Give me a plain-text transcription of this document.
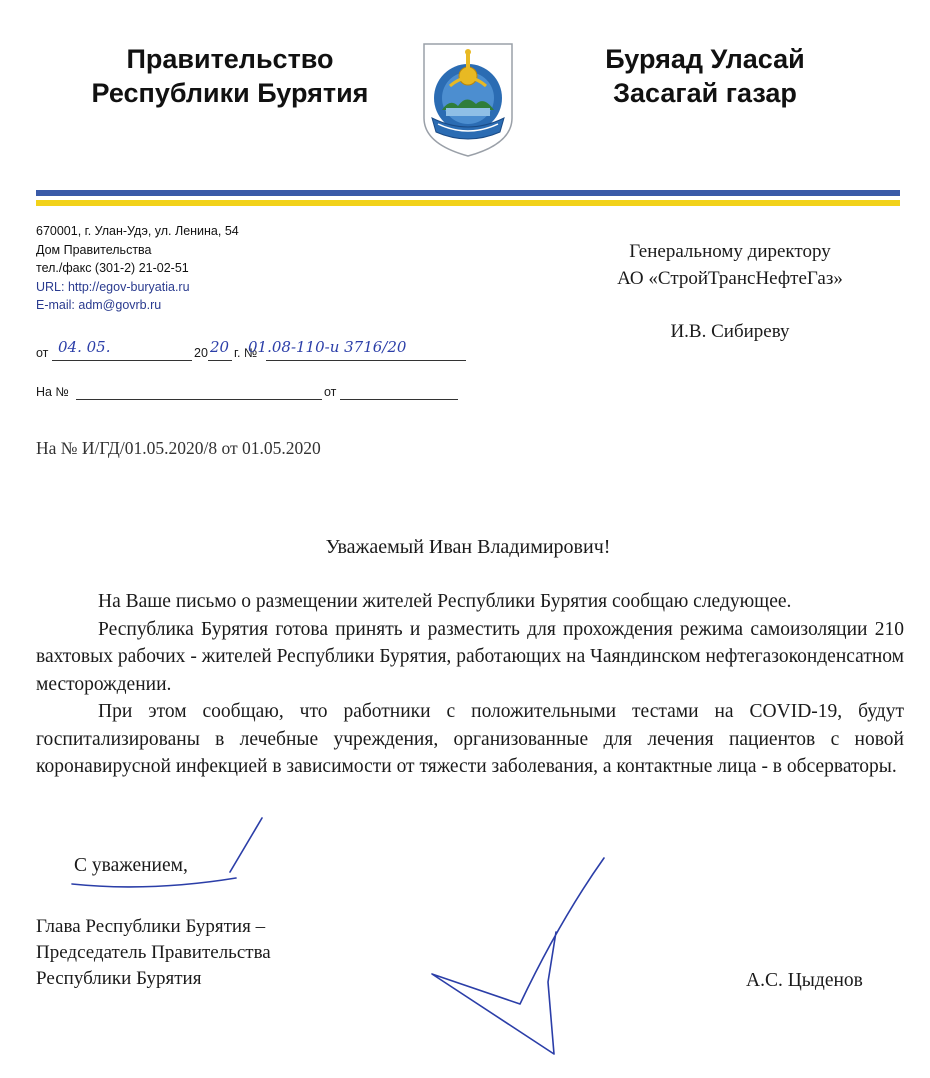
Правительство
Республики Бурятия
Буряад Уласай
Засагай газар
670001, г. Улан-Удэ, ул. Ленина, 54
Дом Правительства
тел./факс (301-2) 21-02-51
URL: http://egov-buryatia.ru
E-mail: adm@govrb.ru
от 04. 05.	20 20 г. №
01.08-110-и 3716/20
На №	от
На № И/ГД/01.05.2020/8 от 01.05.2020
Генеральному директору
АО «СтройТрансНефтеГаз»
И.В. Сибиреву
Уважаемый Иван Владимирович!

На Ваше письмо о размещении жителей Республики Бурятия сообщаю следующее.

Республика Бурятия готова принять и разместить для прохождения режима самоизоляции 210 вахтовых рабочих - жителей Республики Бурятия, работающих на Чаяндинском нефтегазоконденсатном месторождении.

При этом сообщаю, что работники с положительными тестами на COVID-19, будут госпитализированы в лечебные учреждения, организованные для лечения пациентов с новой коронавирусной инфекцией в зависимости от тяжести заболевания, а контактные лица - в обсерваторы.

С уважением,
Глава Республики Бурятия –
Председатель Правительства
Республики Бурятия	А.С. Цыденов
